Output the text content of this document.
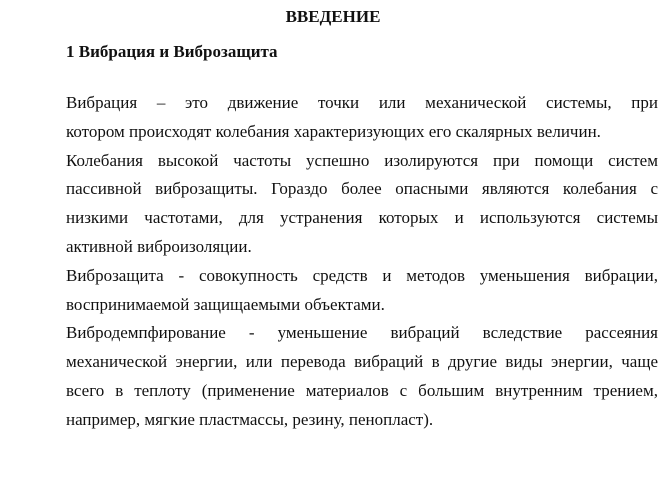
ВВЕДЕНИЕ
1 Вибрация и Виброзащита

Вибрация – это движение точки или механической системы, при
котором происходят колебания характеризующих его скалярных величин.

Колебания высокой частоты успешно изолируются при помощи систем
пассивной виброзащиты. Гораздо более опасными являются колебания с
низкими частотами, для устранения которых и используются системы
активной виброизоляции.

Виброзащита - совокупность средств и методов уменьшения вибрации,
воспринимаемой защищаемыми объектами.

Вибродемпфирование - уменьшение вибраций вследствие рассеяния
механической энергии, или перевода вибраций в другие виды энергии, чаще
всего в теплоту (применение материалов с большим внутренним трением,
например, мягкие пластмассы, резину, пенопласт).
